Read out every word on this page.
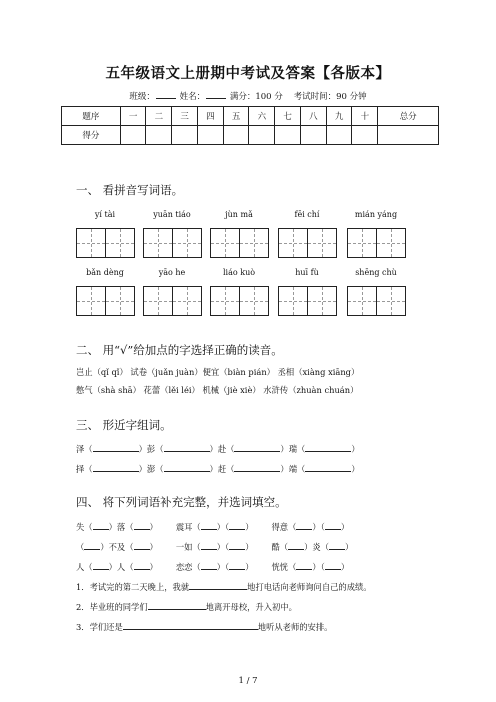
五年级语文上册期中考试及答案【各版本】
班级：	姓名：	满分：100 分 考试时间：90 分钟
题序	一	二	三	四	五	六	七	八	九	十	总分
得分											
一、 看拼音写词语。
二、 用“√”给加点的字选择正确的读音。
岂止（qǐ qǐ） 试卷（juǎn juàn）便宜（biàn pián） 丞相（xiàng xiāng）
憋气（shà shā） 花蕾（lěi léi） 机械（jiè xiè） 水浒传（zhuàn chuán）
三、 形近字组词。
泽（	）彭（	）赴（	）瑞（	）
择（	）澎（	）赶（	）端（	）
四、 将下列词语补充完整，并选词填空。
失（ ）落（ ） 震耳（ ）（ ） 得意（ ）（ ）
（ ）不及（ ） 一如（ ）（ ） 酷（ ）炎（ ）
人（ ）人（ ） 恋恋（ ）（ ） 恍恍（ ）（ ）
1．考试完的第二天晚上，我就	地打电话向老师询问自己的成绩。
2．毕业班的同学们	地离开母校，升入初中。
3．学们还是	地听从老师的安排。
1 / 7
yí tài	yuān tiáo	jùn mǎ	fēi chí	mián yáng
bǎn dèng	yāo he	liáo kuò	huī fù	shēng chù
